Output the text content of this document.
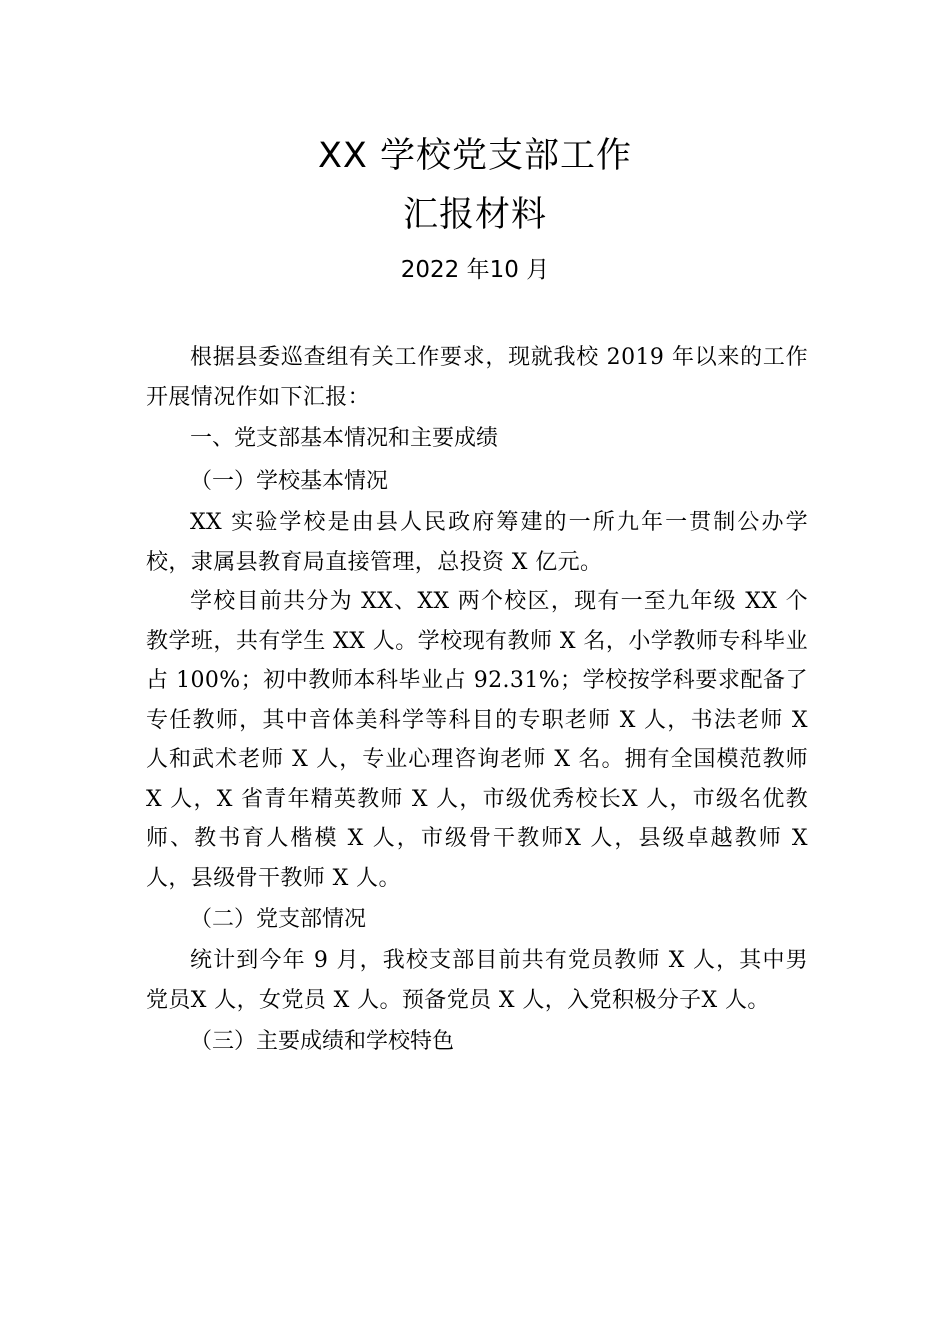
XX 学校党支部工作
汇报材料
2022 年10 月

根据县委巡查组有关工作要求，现就我校 2019 年以来的工作开展情况作如下汇报：

一、党支部基本情况和主要成绩

（一）学校基本情况

XX 实验学校是由县人民政府筹建的一所九年一贯制公办学校，隶属县教育局直接管理，总投资 X 亿元。

学校目前共分为 XX、XX 两个校区，现有一至九年级 XX 个教学班，共有学生 XX 人。学校现有教师 X 名，小学教师专科毕业占 100%；初中教师本科毕业占 92.31%；学校按学科要求配备了专任教师，其中音体美科学等科目的专职老师 X 人，书法老师 X 人和武术老师 X 人，专业心理咨询老师 X 名。拥有全国模范教师 X 人，X 省青年精英教师 X 人，市级优秀校长X 人，市级名优教师、教书育人楷模 X 人，市级骨干教师X 人，县级卓越教师 X 人，县级骨干教师 X 人。

（二）党支部情况

统计到今年 9 月，我校支部目前共有党员教师 X 人，其中男党员X 人，女党员 X 人。预备党员 X 人，入党积极分子X 人。

（三）主要成绩和学校特色
